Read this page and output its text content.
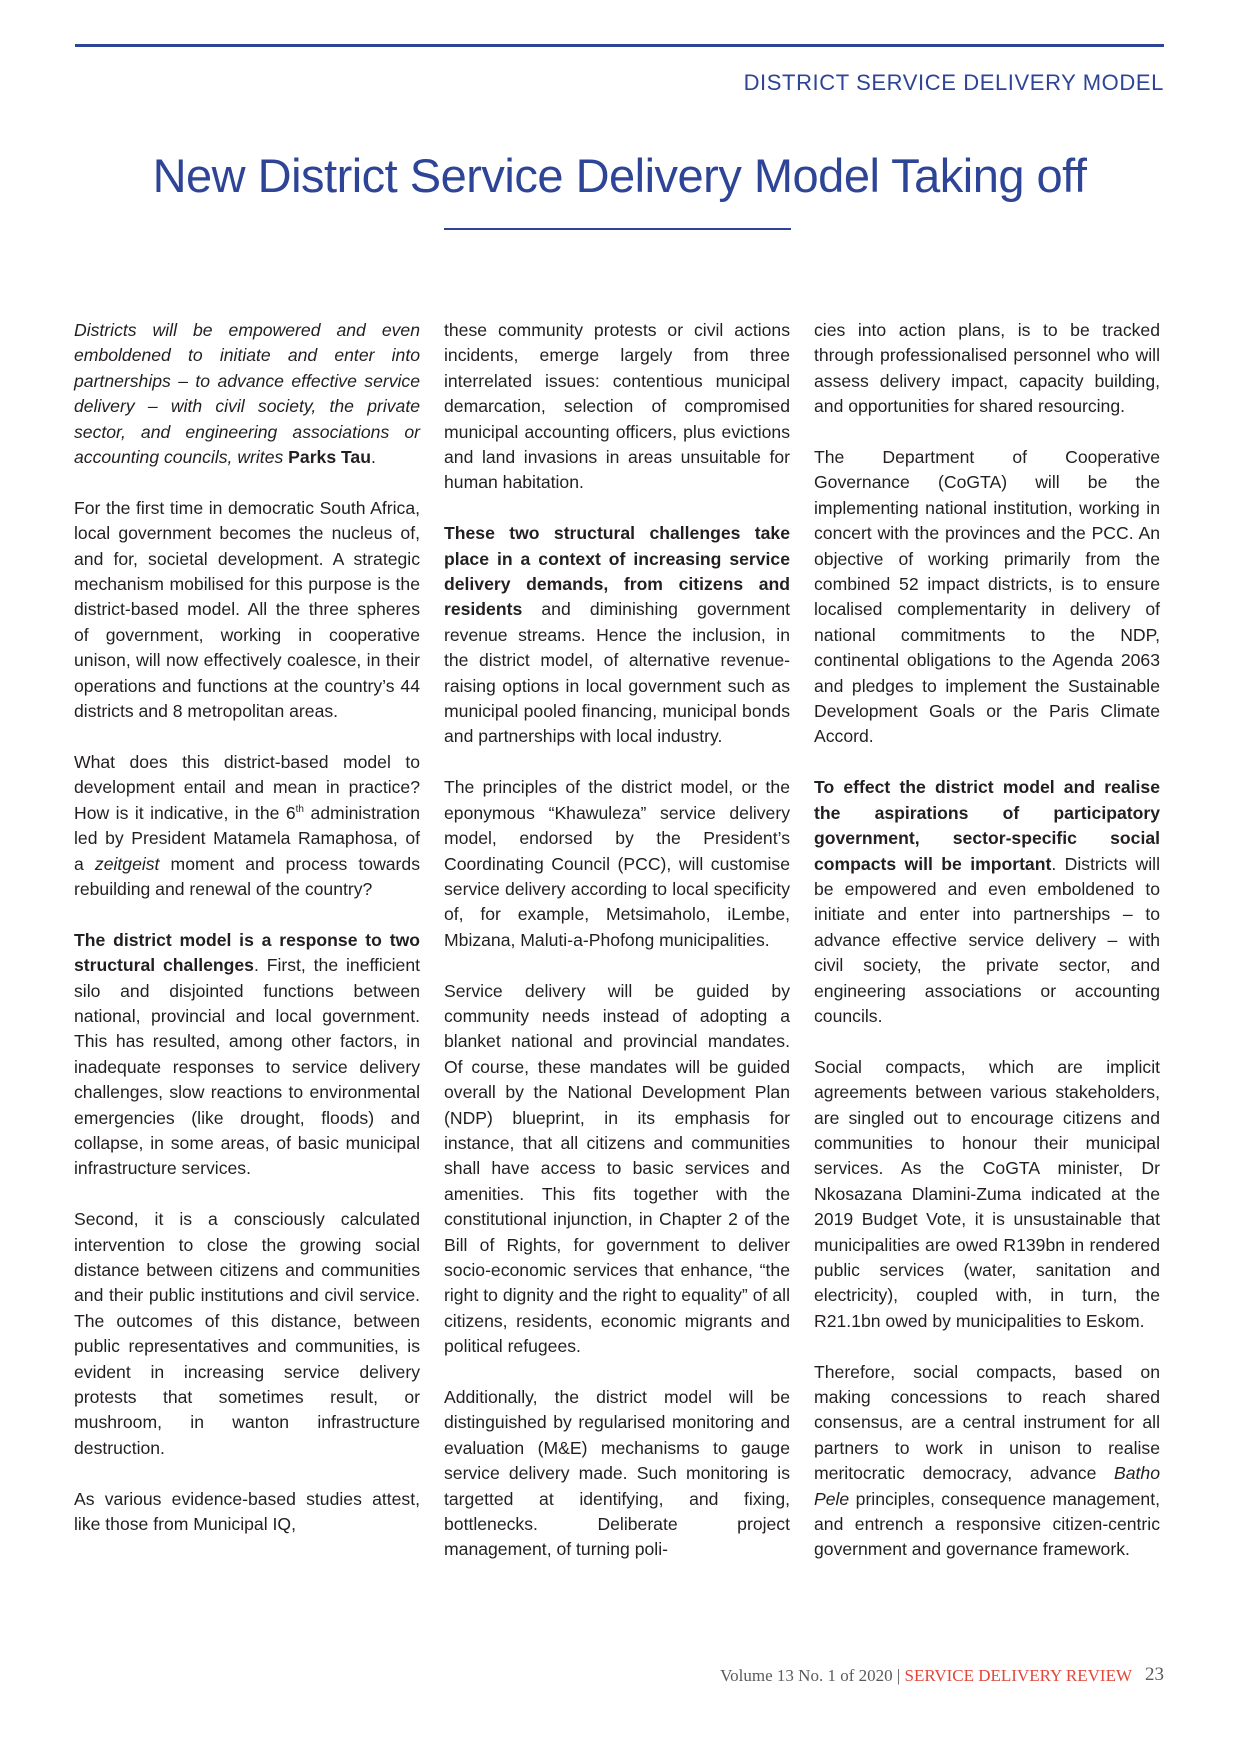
DISTRICT SERVICE DELIVERY MODEL
New District Service Delivery Model Taking off

Districts will be empowered and even emboldened to initiate and enter into partnerships – to advance effective service delivery – with civil society, the private sector, and engineering associations or accounting councils, writes Parks Tau.

For the first time in democratic South Africa, local government becomes the nucleus of, and for, societal development. A strategic mechanism mobilised for this purpose is the district-based model. All the three spheres of government, working in cooperative unison, will now effectively coalesce, in their operations and functions at the country’s 44 districts and 8 metropolitan areas.

What does this district-based model to development entail and mean in practice? How is it indicative, in the 6th administration led by President Matamela Ramaphosa, of a zeitgeist moment and process towards rebuilding and renewal of the country?

The district model is a response to two structural challenges. First, the inefficient silo and disjointed functions between national, provincial and local government. This has resulted, among other factors, in inadequate responses to service delivery challenges, slow reactions to environmental emergencies (like drought, floods) and collapse, in some areas, of basic municipal infrastructure services.

Second, it is a consciously calculated intervention to close the growing social distance between citizens and communities and their public institutions and civil service. The outcomes of this distance, between public representatives and communities, is evident in increasing service delivery protests that sometimes result, or mushroom, in wanton infrastructure destruction.

As various evidence-based studies attest, like those from Municipal IQ,

these community protests or civil actions incidents, emerge largely from three interrelated issues: contentious municipal demarcation, selection of compromised municipal accounting officers, plus evictions and land invasions in areas unsuitable for human habitation.

These two structural challenges take place in a context of increasing service delivery demands, from citizens and residents and diminishing government revenue streams. Hence the inclusion, in the district model, of alternative revenue-raising options in local government such as municipal pooled financing, municipal bonds and partnerships with local industry.

The principles of the district model, or the eponymous “Khawuleza” service delivery model, endorsed by the President’s Coordinating Council (PCC), will customise service delivery according to local specificity of, for example, Metsimaholo, iLembe, Mbizana, Maluti-a-Phofong municipalities.

Service delivery will be guided by community needs instead of adopting a blanket national and provincial mandates. Of course, these mandates will be guided overall by the National Development Plan (NDP) blueprint, in its emphasis for instance, that all citizens and communities shall have access to basic services and amenities. This fits together with the constitutional injunction, in Chapter 2 of the Bill of Rights, for government to deliver socio-economic services that enhance, “the right to dignity and the right to equality” of all citizens, residents, economic migrants and political refugees.

Additionally, the district model will be distinguished by regularised monitoring and evaluation (M&E) mechanisms to gauge service delivery made. Such monitoring is targetted at identifying, and fixing, bottlenecks. Deliberate project management, of turning poli-

cies into action plans, is to be tracked through professionalised personnel who will assess delivery impact, capacity building, and opportunities for shared resourcing.

The Department of Cooperative Governance (CoGTA) will be the implementing national institution, working in concert with the provinces and the PCC. An objective of working primarily from the combined 52 impact districts, is to ensure localised complementarity in delivery of national commitments to the NDP, continental obligations to the Agenda 2063 and pledges to implement the Sustainable Development Goals or the Paris Climate Accord.

To effect the district model and realise the aspirations of participatory government, sector-specific social compacts will be important. Districts will be empowered and even emboldened to initiate and enter into partnerships – to advance effective service delivery – with civil society, the private sector, and engineering associations or accounting councils.

Social compacts, which are implicit agreements between various stakeholders, are singled out to encourage citizens and communities to honour their municipal services. As the CoGTA minister, Dr Nkosazana Dlamini-Zuma indicated at the 2019 Budget Vote, it is unsustainable that municipalities are owed R139bn in rendered public services (water, sanitation and electricity), coupled with, in turn, the R21.1bn owed by municipalities to Eskom.

Therefore, social compacts, based on making concessions to reach shared consensus, are a central instrument for all partners to work in unison to realise meritocratic democracy, advance Batho Pele principles, consequence management, and entrench a responsive citizen-centric government and governance framework.

Volume 13 No. 1 of 2020 | SERVICE DELIVERY REVIEW 23
